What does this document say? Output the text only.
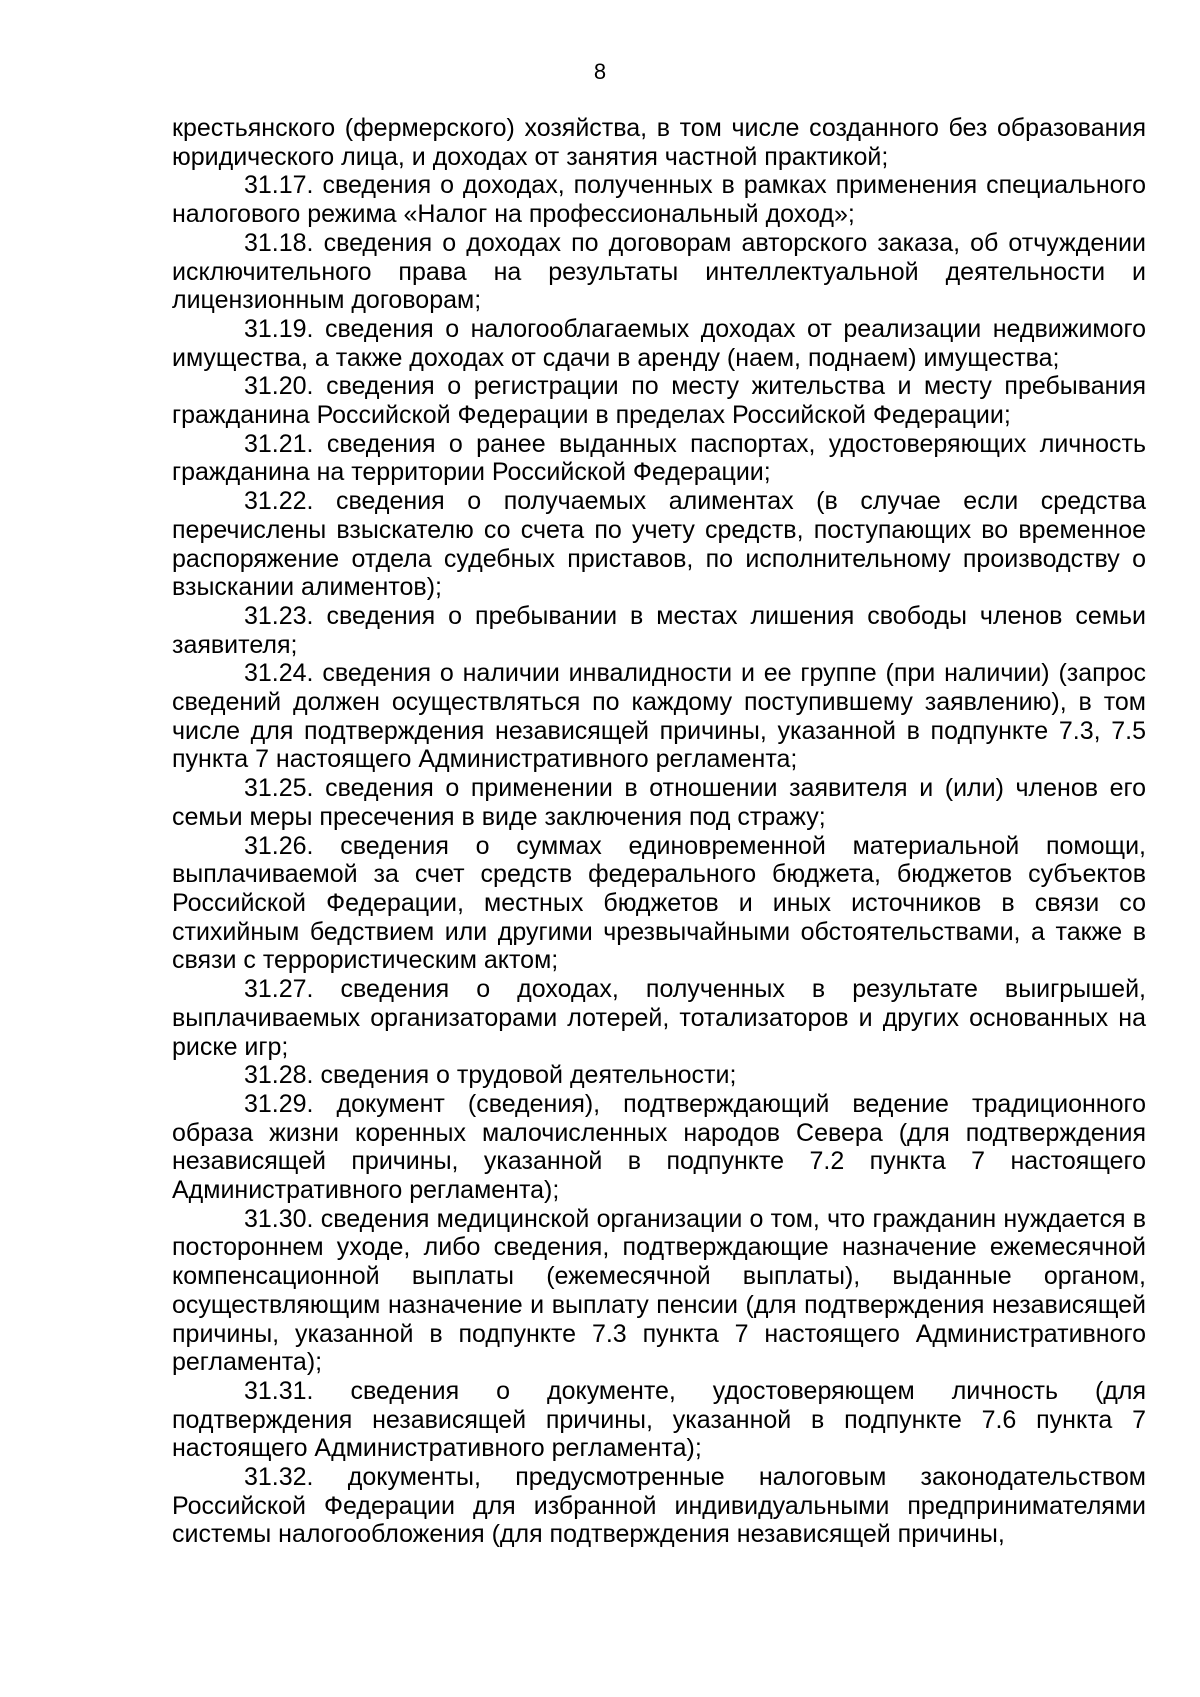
8

крестьянского (фермерского) хозяйства, в том числе созданного без образования юридического лица, и доходах от занятия частной практикой;

31.17. сведения о доходах, полученных в рамках применения специального налогового режима «Налог на профессиональный доход»;

31.18. сведения о доходах по договорам авторского заказа, об отчуждении исключительного права на результаты интеллектуальной деятельности и лицензионным договорам;

31.19. сведения о налогооблагаемых доходах от реализации недвижимого имущества, а также доходах от сдачи в аренду (наем, поднаем) имущества;

31.20. сведения о регистрации по месту жительства и месту пребывания гражданина Российской Федерации в пределах Российской Федерации;

31.21. сведения о ранее выданных паспортах, удостоверяющих личность гражданина на территории Российской Федерации;

31.22. сведения о получаемых алиментах (в случае если средства перечислены взыскателю со счета по учету средств, поступающих во временное распоряжение отдела судебных приставов, по исполнительному производству о взыскании алиментов);

31.23. сведения о пребывании в местах лишения свободы членов семьи заявителя;

31.24. сведения о наличии инвалидности и ее группе (при наличии) (запрос сведений должен осуществляться по каждому поступившему заявлению), в том числе для подтверждения независящей причины, указанной в подпункте 7.3, 7.5 пункта 7 настоящего Административного регламента;

31.25. сведения о применении в отношении заявителя и (или) членов его семьи меры пресечения в виде заключения под стражу;

31.26. сведения о суммах единовременной материальной помощи, выплачиваемой за счет средств федерального бюджета, бюджетов субъектов Российской Федерации, местных бюджетов и иных источников в связи со стихийным бедствием или другими чрезвычайными обстоятельствами, а также в связи с террористическим актом;

31.27. сведения о доходах, полученных в результате выигрышей, выплачиваемых организаторами лотерей, тотализаторов и других основанных на риске игр;

31.28. сведения о трудовой деятельности;

31.29. документ (сведения), подтверждающий ведение традиционного образа жизни коренных малочисленных народов Севера (для подтверждения независящей причины, указанной в подпункте 7.2 пункта 7 настоящего Административного регламента);

31.30. сведения медицинской организации о том, что гражданин нуждается в постороннем уходе, либо сведения, подтверждающие назначение ежемесячной компенсационной выплаты (ежемесячной выплаты), выданные органом, осуществляющим назначение и выплату пенсии (для подтверждения независящей причины, указанной в подпункте 7.3 пункта 7 настоящего Административного регламента);

31.31. сведения о документе, удостоверяющем личность (для подтверждения независящей причины, указанной в подпункте 7.6 пункта 7 настоящего Административного регламента);

31.32. документы, предусмотренные налоговым законодательством Российской Федерации для избранной индивидуальными предпринимателями системы налогообложения (для подтверждения независящей причины,
